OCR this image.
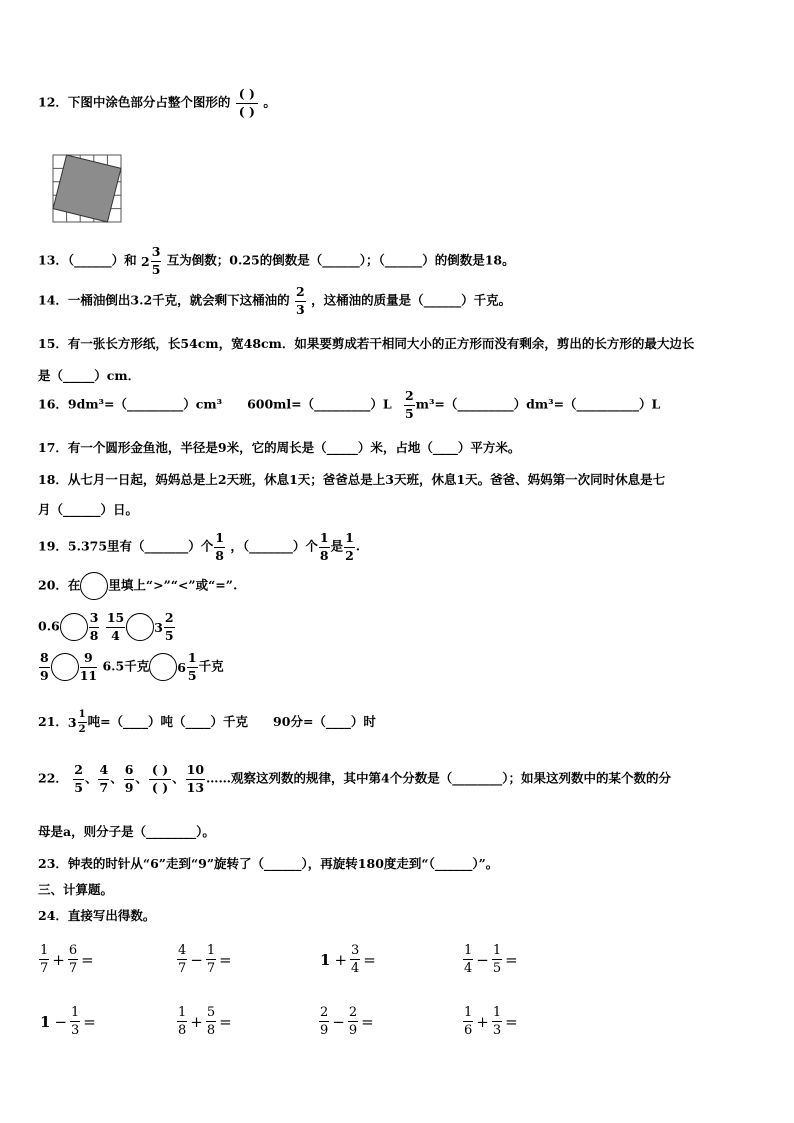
12．下图中涂色部分占整个图形的 $\frac{( )}{( )}$ 。
13．（______）和 $2 \frac{3}{5}$ 互为倒数；0.25的倒数是（______）；（______）的倒数是18。
14．一桶油倒出3.2千克，就会剩下这桶油的 $\frac{2}{3}$ ，这桶油的质量是（______）千克。
15．有一张长方形纸，长54cm，宽48cm．如果要剪成若干相同大小的正方形而没有剩余，剪出的长方形的最大边长
是（_____）cm．
16．9dm³=（_________）cm³　　600ml=（_________）L $\frac{2}{5}$ m³=（_________）dm³=（__________）L
17．有一个圆形金鱼池，半径是9米，它的周长是（_____）米，占地（____）平方米。
18．从七月一日起，妈妈总是上2天班，休息1天；爸爸总是上3天班，休息1天。爸爸、妈妈第一次同时休息是七
月（______）日。
19．5.375里有（_______）个 $\frac{1}{8}$ ，（_______）个 $\frac{1}{8}$ 是 $\frac{1}{2}$ .
20．在 里填上“>”“<”或“=”.
$0.6 \frac{3}{8}$
$\frac{15}{4} 3 \frac{2}{5}$
$\frac{8}{9} \frac{9}{11} 6.5$千克 $6 \frac{1}{5}$ 千克
21．$3 \frac{1}{2}$ 吨=（____）吨（____）千克　　90分=（____）时
22． $\frac{2}{5}$ 、 $\frac{4}{7}$ 、 $\frac{6}{9}$ 、 $\frac{( )}{( )}$ 、 $\frac{10}{13}$ ……观察这列数的规律，其中第4个分数是（________）；如果这列数中的某个数的分
母是a，则分子是（________）。
23．钟表的时针从“6”走到“9”旋转了（______），再旋转180度走到“（______）”。
三、计算题。
24．直接写出得数。
$\frac{1}{7} + \frac{6}{7}$ =	$\frac{4}{7} - \frac{1}{7}$ =	$1 + \frac{3}{4}$ =	$\frac{1}{4} - \frac{1}{5}$ =
$1 - \frac{1}{3}$ =	$\frac{1}{8} + \frac{5}{8}$ =	$\frac{2}{9} - \frac{2}{9}$ =	$\frac{1}{6} + \frac{1}{3}$ =
